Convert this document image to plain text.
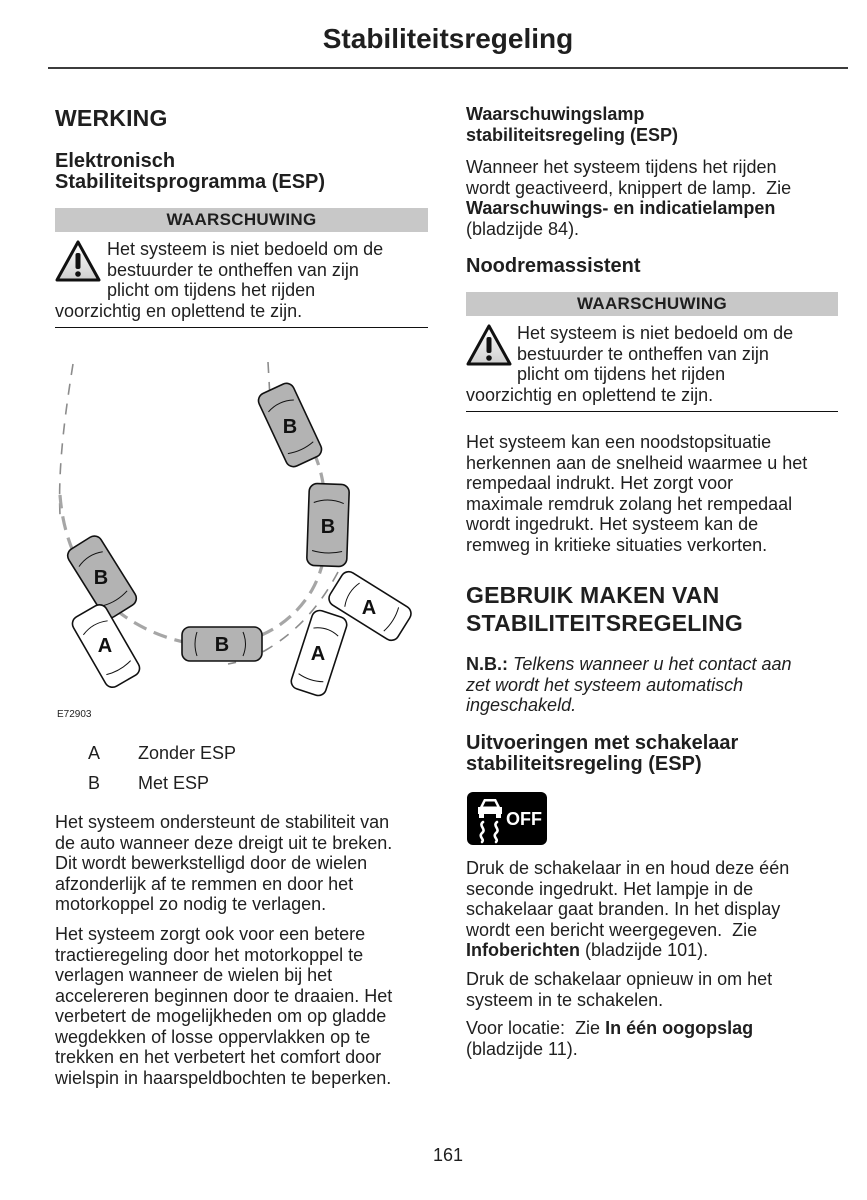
Stabiliteitsregeling
WERKING
Elektronisch
Stabiliteitsprogramma (ESP)
WAARSCHUWING
Het systeem is niet bedoeld om de
bestuurder te ontheffen van zijn
plicht om tijdens het rijden
voorzichtig en oplettend te zijn.
B
B
B
B
A
A
A
E72903
A Zonder ESP
B Met ESP
Het systeem ondersteunt de stabiliteit van
de auto wanneer deze dreigt uit te breken.
Dit wordt bewerkstelligd door de wielen
afzonderlijk af te remmen en door het
motorkoppel zo nodig te verlagen.
Het systeem zorgt ook voor een betere
tractieregeling door het motorkoppel te
verlagen wanneer de wielen bij het
accelereren beginnen door te draaien. Het
verbetert de mogelijkheden om op gladde
wegdekken of losse oppervlakken op te
trekken en het verbetert het comfort door
wielspin in haarspeldbochten te beperken.
Waarschuwingslamp
stabiliteitsregeling (ESP)
Wanneer het systeem tijdens het rijden
wordt geactiveerd, knippert de lamp.  Zie
Waarschuwings- en indicatielampen
(bladzijde 84).
Noodremassistent
WAARSCHUWING
Het systeem is niet bedoeld om de
bestuurder te ontheffen van zijn
plicht om tijdens het rijden
voorzichtig en oplettend te zijn.
Het systeem kan een noodstopsituatie
herkennen aan de snelheid waarmee u het
rempedaal indrukt. Het zorgt voor
maximale remdruk zolang het rempedaal
wordt ingedrukt. Het systeem kan de
remweg in kritieke situaties verkorten.
GEBRUIK MAKEN VAN
STABILITEITSREGELING
N.B.: Telkens wanneer u het contact aan
zet wordt het systeem automatisch
ingeschakeld.
Uitvoeringen met schakelaar
stabiliteitsregeling (ESP)
OFF
Druk de schakelaar in en houd deze één
seconde ingedrukt. Het lampje in de
schakelaar gaat branden. In het display
wordt een bericht weergegeven.  Zie
Infoberichten (bladzijde 101).
Druk de schakelaar opnieuw in om het
systeem in te schakelen.
Voor locatie:  Zie In één oogopslag
(bladzijde 11).
161
